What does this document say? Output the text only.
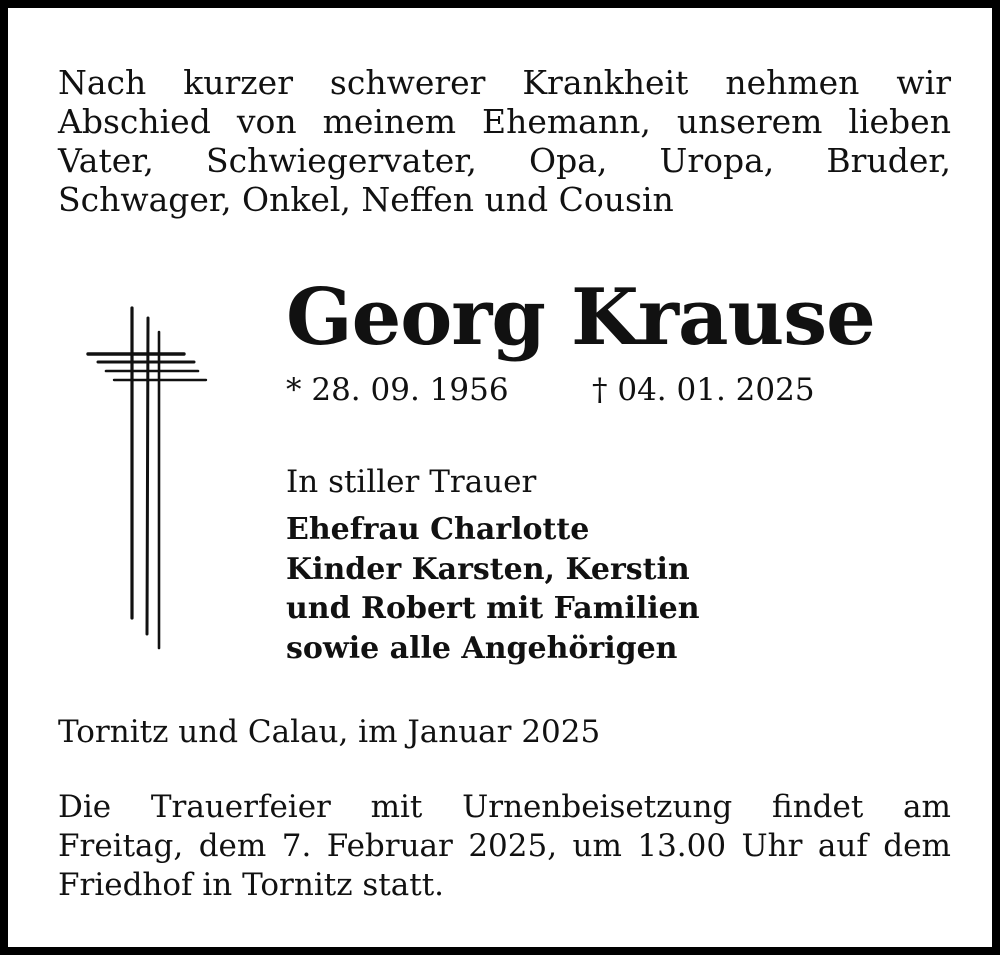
Nach kurzer schwerer Krankheit nehmen wir
Abschied von meinem Ehemann, unserem lieben
Vater, Schwiegervater, Opa, Uropa, Bruder,
Schwager, Onkel, Neffen und Cousin
Georg Krause
* 28. 09. 1956	† 04. 01. 2025
In stiller Trauer
Ehefrau Charlotte
Kinder Karsten, Kerstin
und Robert mit Familien
sowie alle Angehörigen
Tornitz und Calau, im Januar 2025
Die Trauerfeier mit Urnenbeisetzung findet am
Freitag, dem 7. Februar 2025, um 13.00 Uhr auf dem
Friedhof in Tornitz statt.
